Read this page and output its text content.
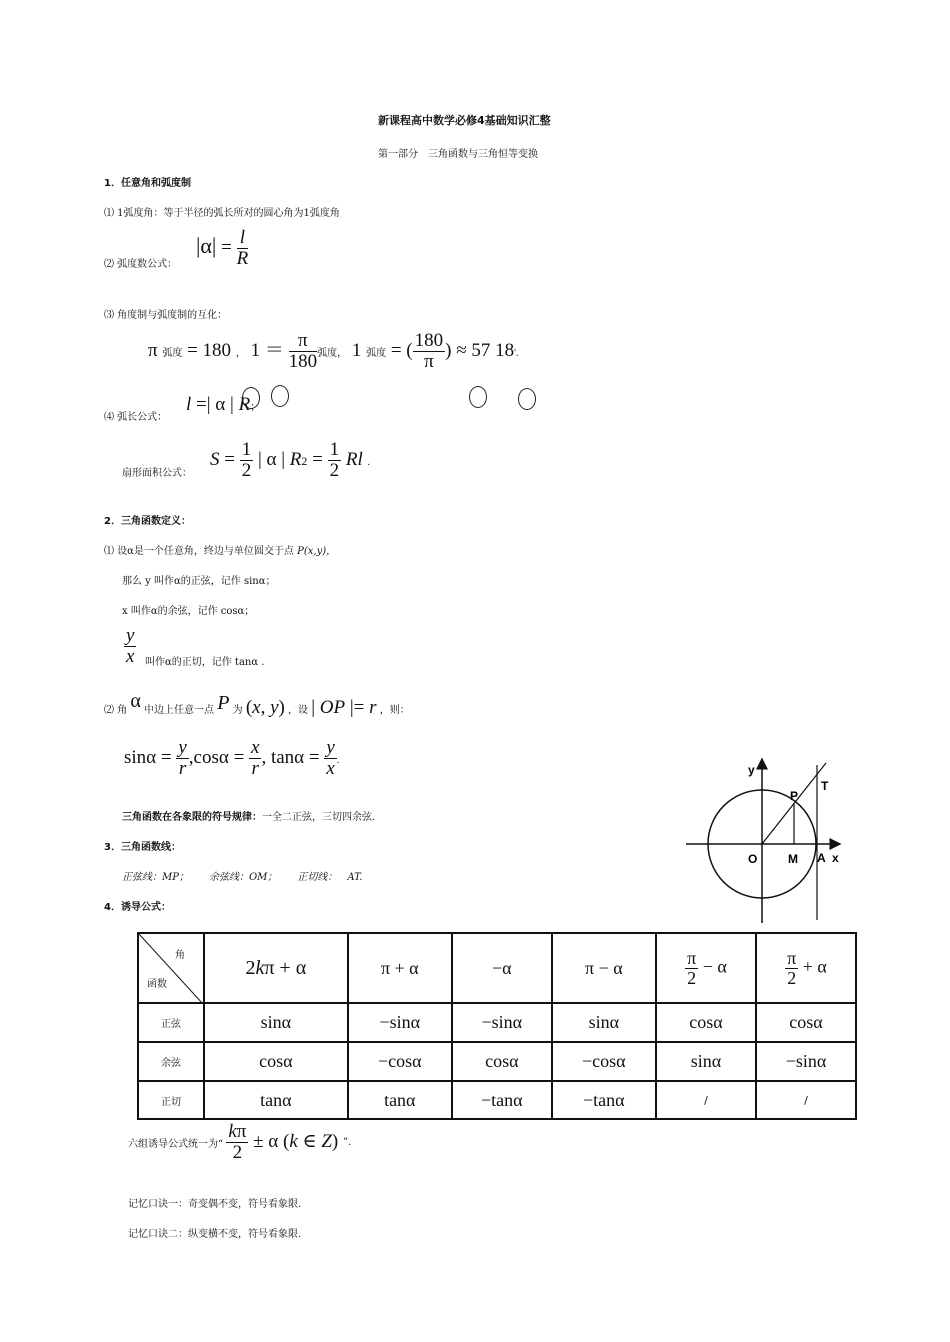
新课程高中数学必修4基础知识汇整
第一部分　三角函数与三角恒等变换
1．任意角和弧度制
⑴ 1弧度角：等于半径的弧长所对的圆心角为1弧度角
⑵ 弧度数公式：
$|\alpha| = \frac{l}{R}$
⑶ 角度制与弧度制的互化：
π 弧度 = 180 ， $1 = \frac{\pi}{180}$ 弧度， 1 弧度 = ( $\frac{180}{\pi}$ ) ≈ 57 18'.
⑷ 弧长公式：
l =| α | R；
扇形面积公式：
$S = \frac{1}{2}$ | α | $R2 = \frac{1}{2}$ Rl .
2．三角函数定义：
⑴ 设α是一个任意角，终边与单位圆交于点 P(x,y)，
那么 y 叫作α的正弦，记作 sinα；
x 叫作α的余弦，记作 cosα；
$\frac{y}{x}$ 叫作α的正切，记作 tanα .
⑵ 角 α 中边上任意一点 P 为 (x, y) ，设 | OP |= r ，则：
$\sin\alpha = \frac{y}{r} ,\cos\alpha = \frac{x}{r}$ , $\tan\alpha = \frac{y}{x}$ .
三角函数在各象限的符号规律：一全二正弦，三切四余弦.
3．三角函数线：
正弦线：MP；　　余弦线：OM；　　正切线：　AT.
4．诱导公式：
y
x
P
T
O	M A
角
函数	2kπ + α	π + α	−α	π − α	$\frac{\pi}{2} - \alpha$	$\frac{\pi}{2} + \alpha$
正弦	sinα	−sinα	−sinα	sinα	cosα	cosα
余弦	cosα	−cosα	cosα	−cosα	sinα	−sinα
正切	tanα	tanα	−tanα	−tanα	/	/
六组诱导公式统一为“ $\frac{k\pi}{2} \pm \alpha$ (k ∈ Z) ”.
记忆口诀一：奇变偶不变，符号看象限.
记忆口诀二：纵变横不变，符号看象限.
